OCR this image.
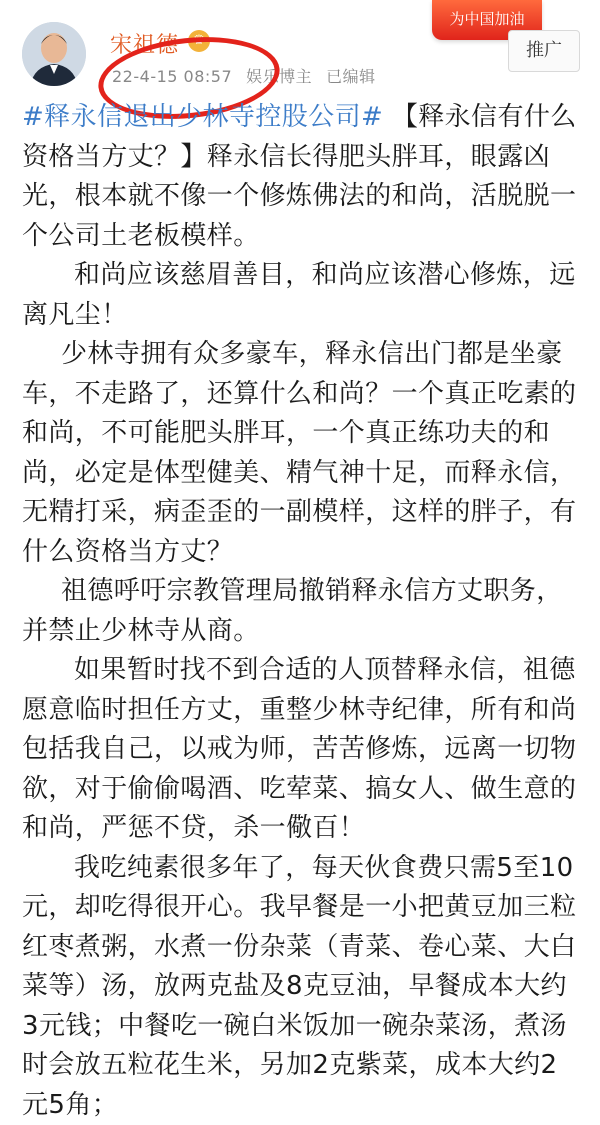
宋祖德	♛
22-4-15 08:57 娱乐博主 已编辑
为中国加油
推广

#释永信退出少林寺控股公司# 【释永信有什么资格当方丈？】释永信长得肥头胖耳，眼露凶光，根本就不像一个修炼佛法的和尚，活脱脱一个公司土老板模样。

和尚应该慈眉善目，和尚应该潜心修炼，远离凡尘！

少林寺拥有众多豪车，释永信出门都是坐豪车，不走路了，还算什么和尚？一个真正吃素的和尚，不可能肥头胖耳，一个真正练功夫的和尚，必定是体型健美、精气神十足，而释永信，无精打采，病歪歪的一副模样，这样的胖子，有什么资格当方丈？

祖德呼吁宗教管理局撤销释永信方丈职务，并禁止少林寺从商。

如果暂时找不到合适的人顶替释永信，祖德愿意临时担任方丈，重整少林寺纪律，所有和尚包括我自己，以戒为师，苦苦修炼，远离一切物欲，对于偷偷喝酒、吃荤菜、搞女人、做生意的和尚，严惩不贷，杀一儆百！

我吃纯素很多年了，每天伙食费只需5至10元，却吃得很开心。我早餐是一小把黄豆加三粒红枣煮粥，水煮一份杂菜（青菜、卷心菜、大白菜等）汤，放两克盐及8克豆油，早餐成本大约3元钱；中餐吃一碗白米饭加一碗杂菜汤，煮汤时会放五粒花生米，另加2克紫菜，成本大约2元5角；
